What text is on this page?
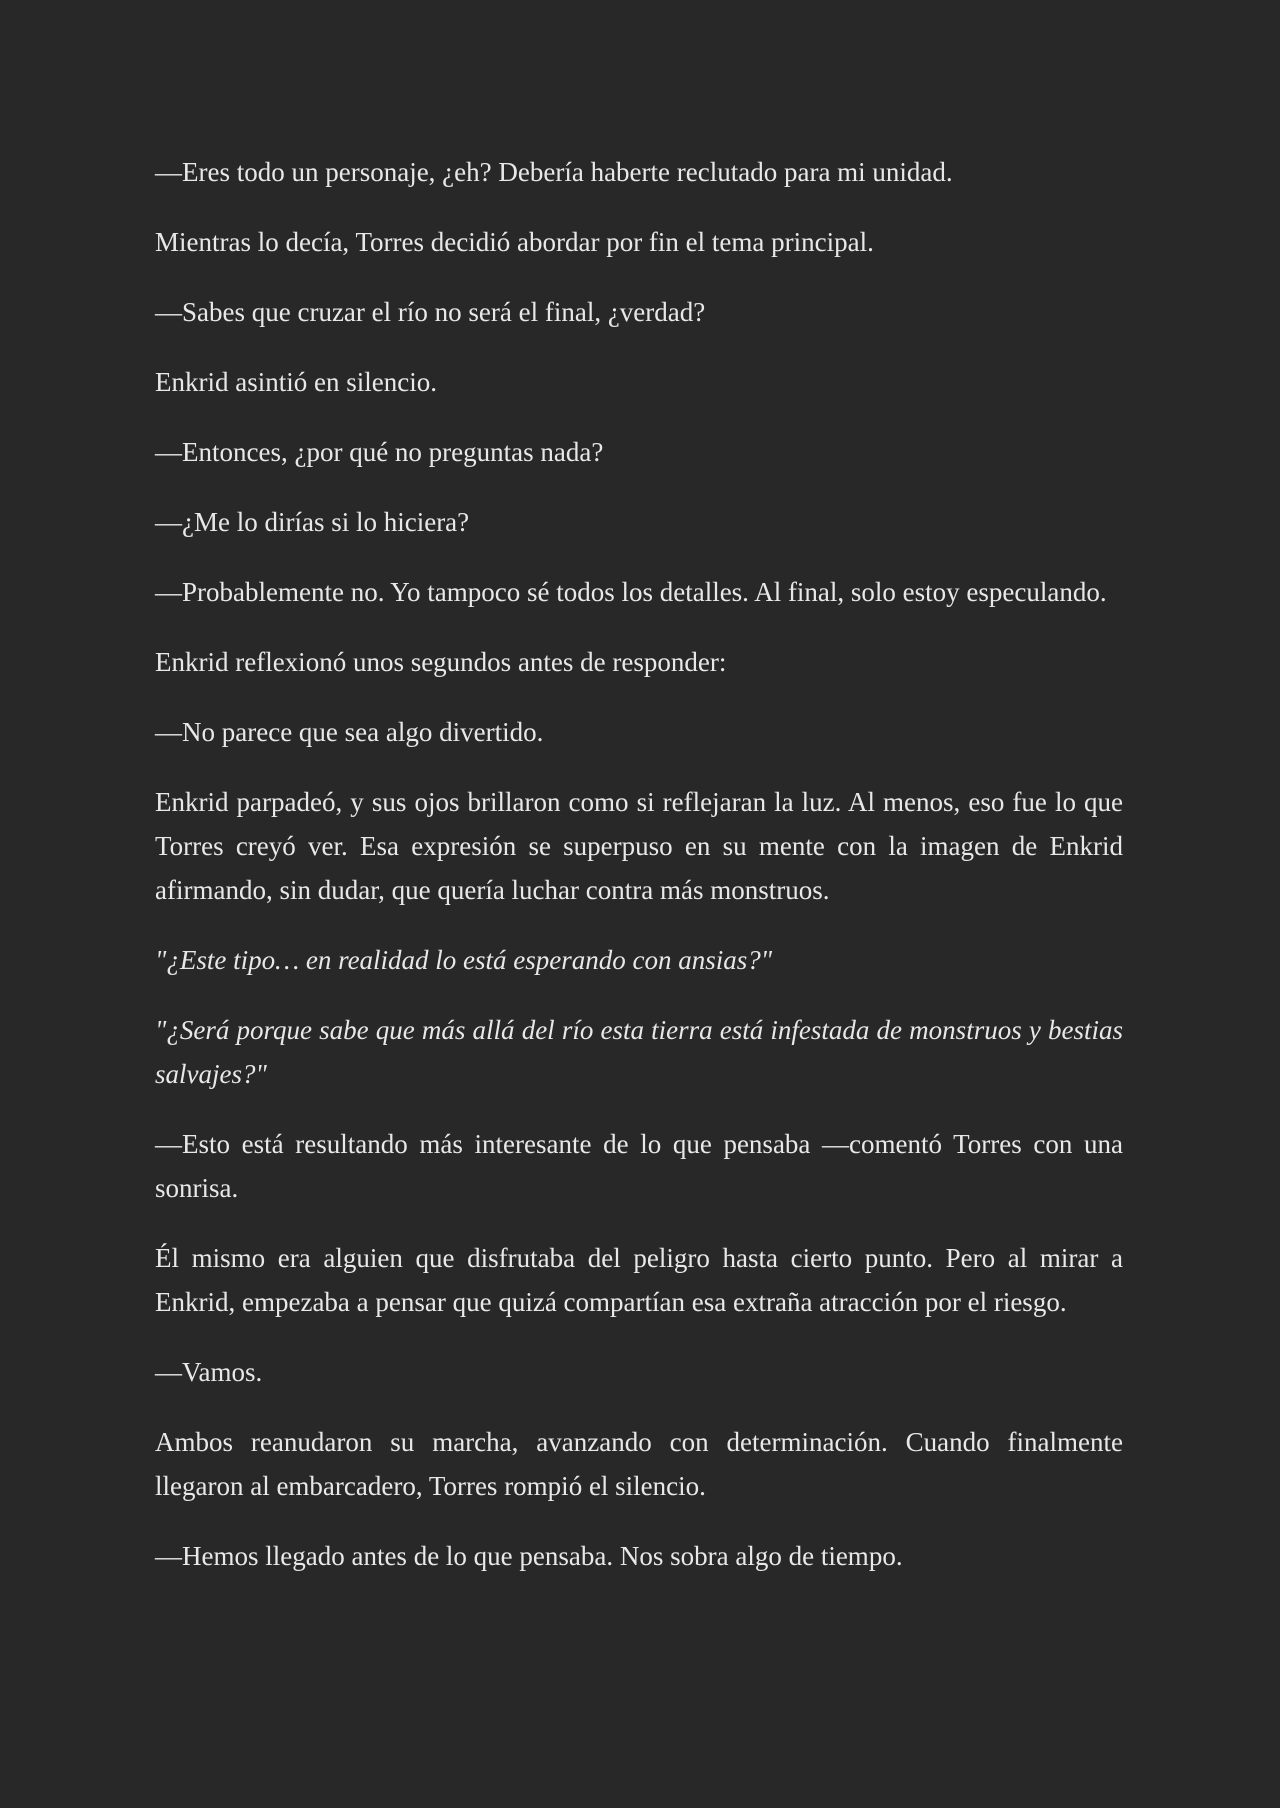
—Eres todo un personaje, ¿eh? Debería haberte reclutado para mi unidad.

Mientras lo decía, Torres decidió abordar por fin el tema principal.

—Sabes que cruzar el río no será el final, ¿verdad?

Enkrid asintió en silencio.

—Entonces, ¿por qué no preguntas nada?

—¿Me lo dirías si lo hiciera?

—Probablemente no. Yo tampoco sé todos los detalles. Al final, solo estoy especulando.

Enkrid reflexionó unos segundos antes de responder:

—No parece que sea algo divertido.

Enkrid parpadeó, y sus ojos brillaron como si reflejaran la luz. Al menos, eso fue lo que Torres creyó ver. Esa expresión se superpuso en su mente con la imagen de Enkrid afirmando, sin dudar, que quería luchar contra más monstruos.

"¿Este tipo… en realidad lo está esperando con ansias?"

"¿Será porque sabe que más allá del río esta tierra está infestada de monstruos y bestias salvajes?"

—Esto está resultando más interesante de lo que pensaba —comentó Torres con una sonrisa.

Él mismo era alguien que disfrutaba del peligro hasta cierto punto. Pero al mirar a Enkrid, empezaba a pensar que quizá compartían esa extraña atracción por el riesgo.

—Vamos.

Ambos reanudaron su marcha, avanzando con determinación. Cuando finalmente llegaron al embarcadero, Torres rompió el silencio.

—Hemos llegado antes de lo que pensaba. Nos sobra algo de tiempo.
